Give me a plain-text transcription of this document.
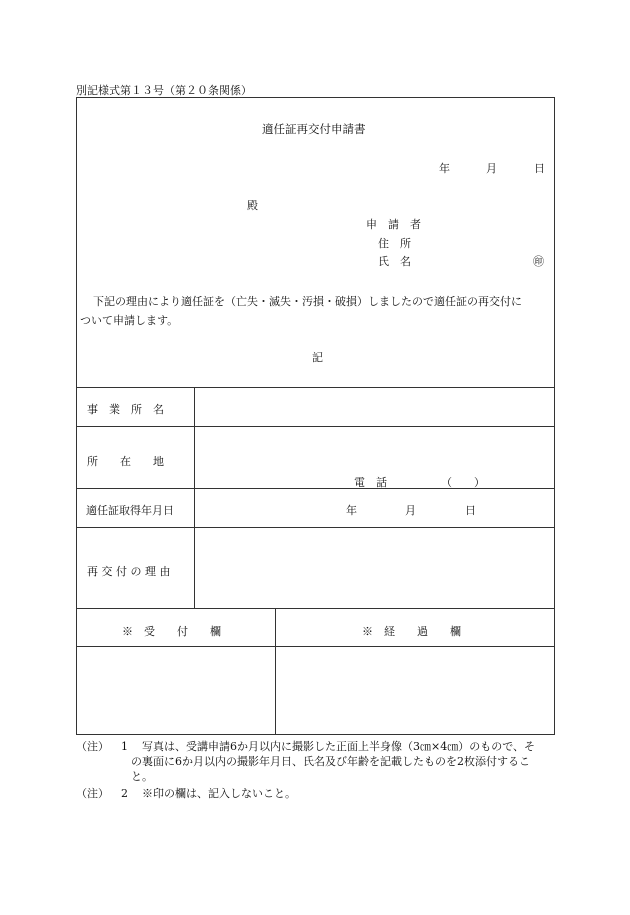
別記様式第１３号（第２０条関係）
適任証再交付申請書
年	月	日
殿
申　請　者
住　所
氏　名	㊞
下記の理由により適任証を（亡失・滅失・汚損・破損）しましたので適任証の再交付に
ついて申請します。
記
事　業　所　名
所　　在　　地
電　話	（　　）
適任証取得年月日	年	月	日
再 交 付 の 理 由
※　受　　付　　欄	※　経　　過　　欄
（注） 1 写真は、受講申請6か月以内に撮影した正面上半身像（3㎝×4㎝）のもので、そ
の裏面に6か月以内の撮影年月日、氏名及び年齢を記載したものを2枚添付するこ
と。
（注） 2 ※印の欄は、記入しないこと。
